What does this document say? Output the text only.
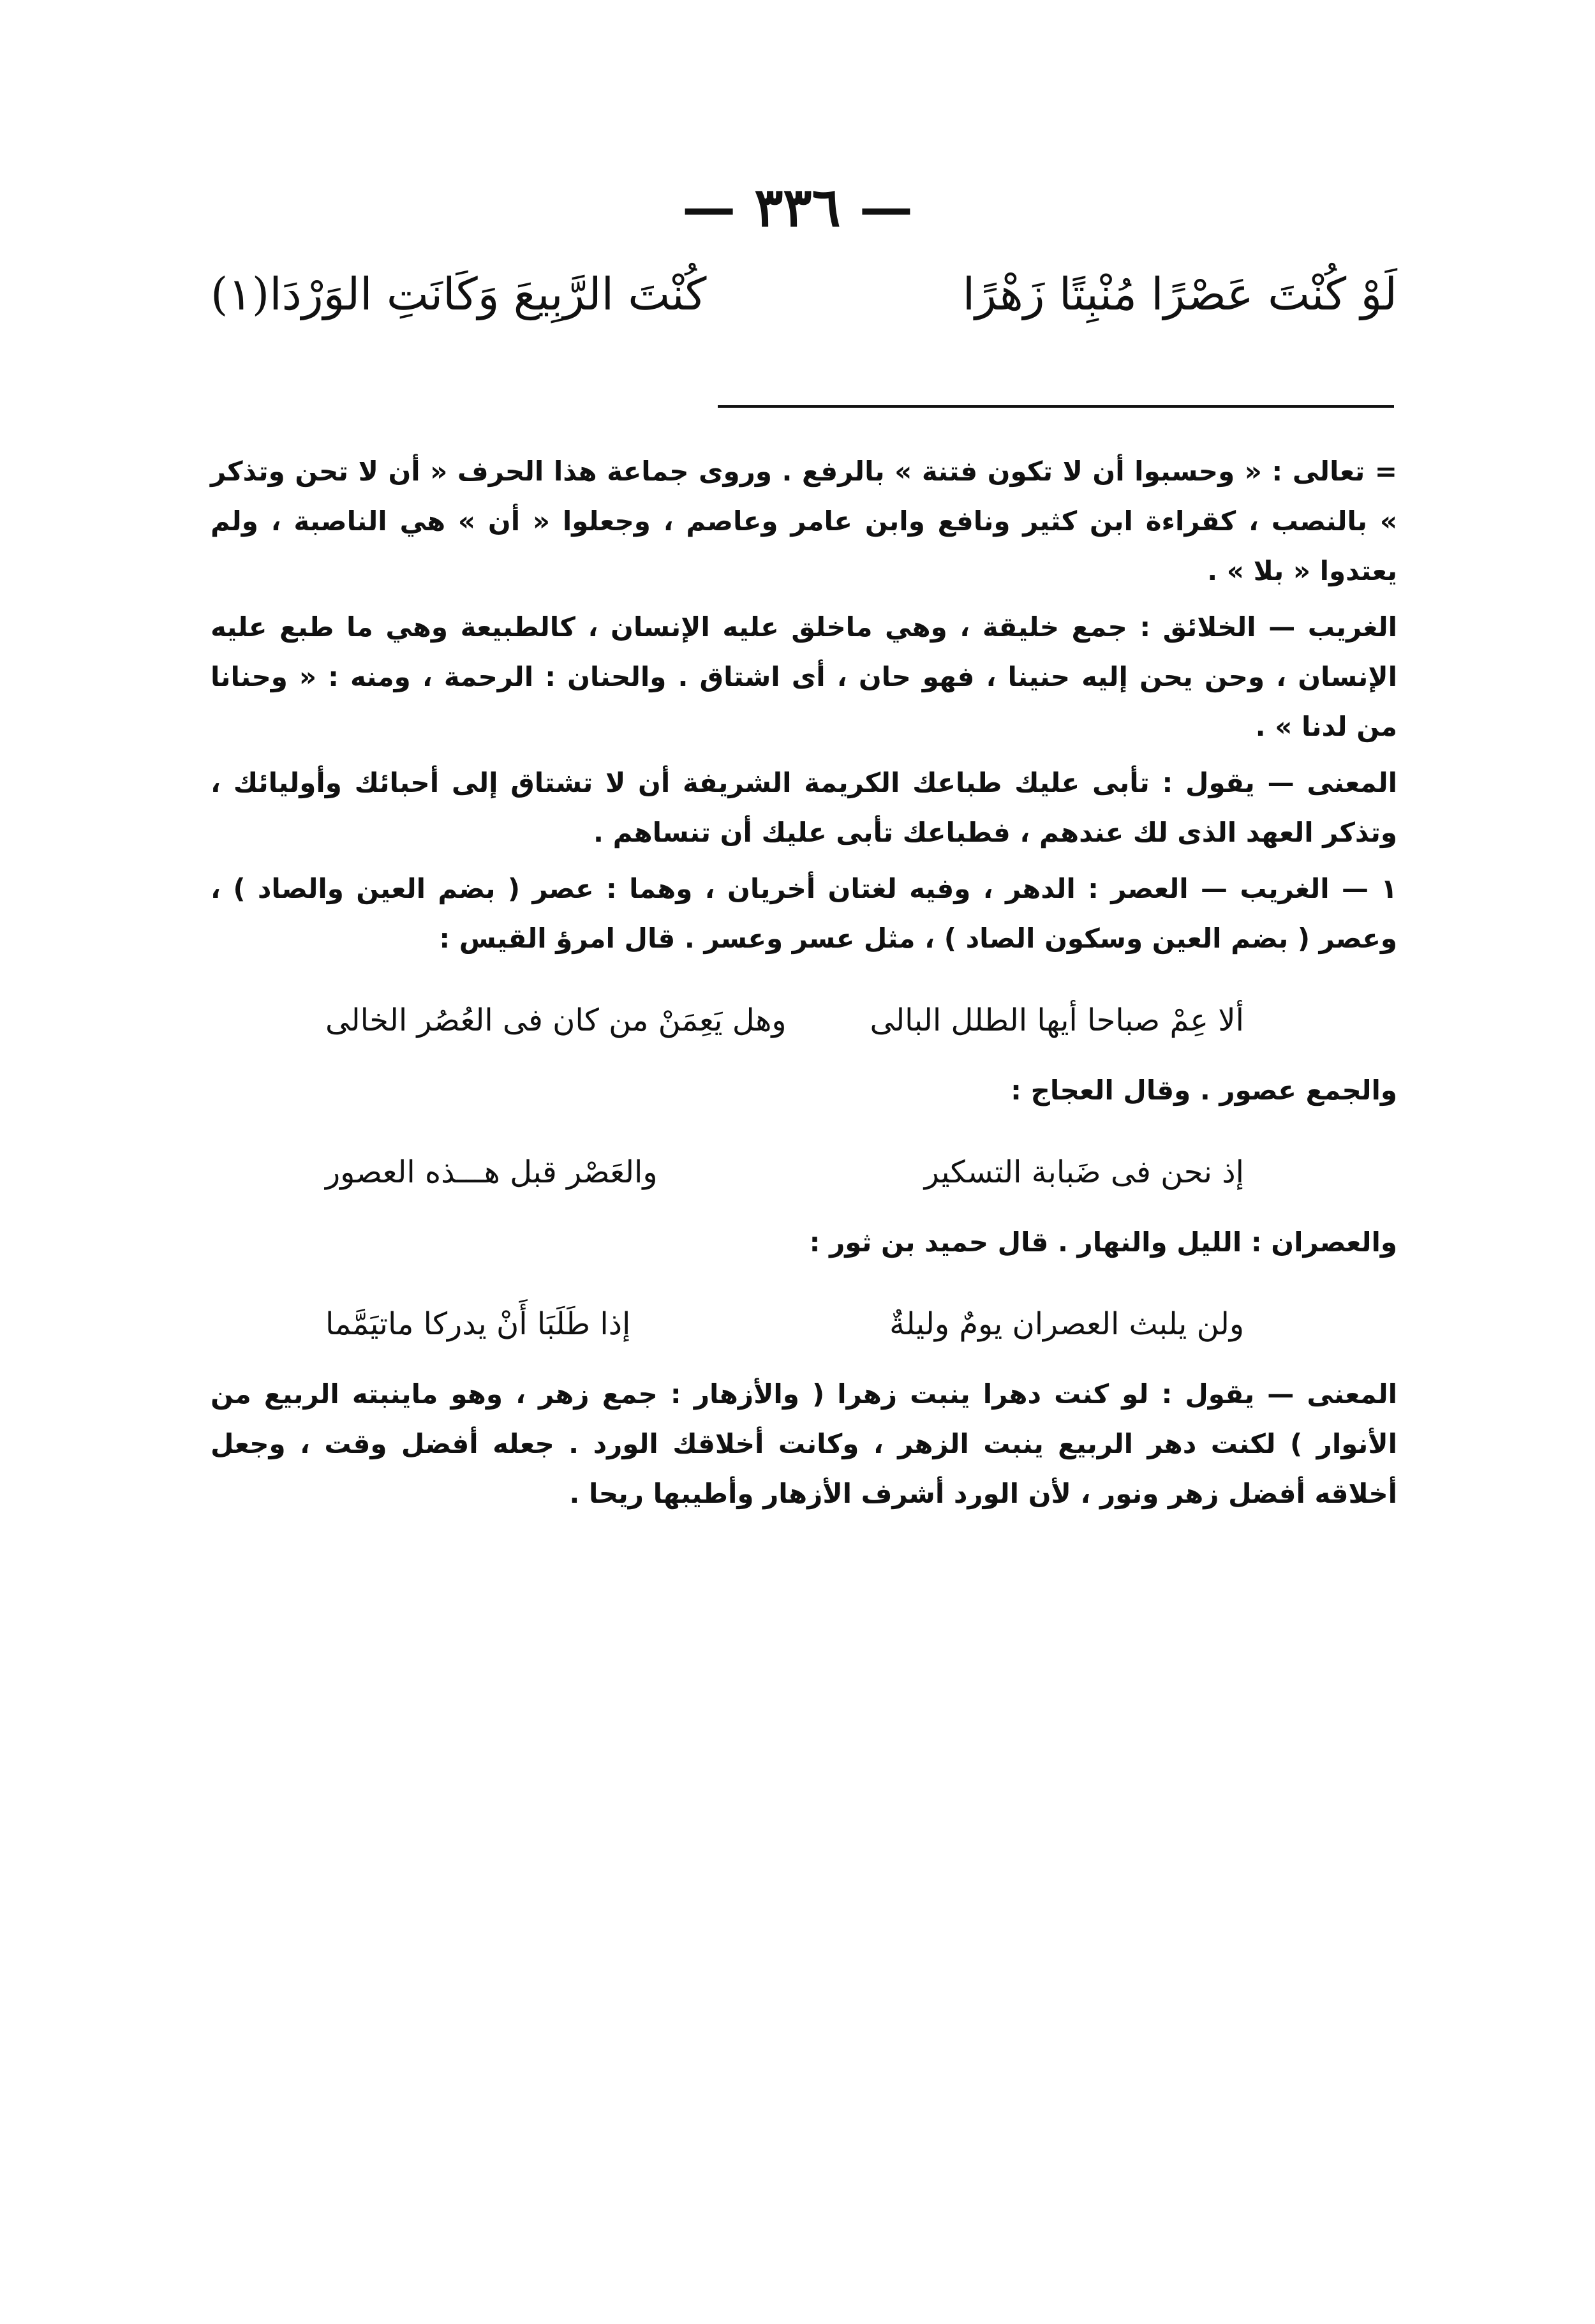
— ٣٣٦ —
لَوْ كُنْتَ عَصْرًا مُنْبِتًا زَهْرًا
كُنْتَ الرَّبِيعَ وَكَانَتِ الوَرْدَا(١)

= تعالى : « وحسبوا أن لا تكون فتنة » بالرفع . وروى جماعة هذا الحرف « أن لا تحن وتذكر » بالنصب ، كقراءة ابن كثير ونافع وابن عامر وعاصم ، وجعلوا « أن » هي الناصبة ، ولم يعتدوا « بلا » .

الغريب — الخلائق : جمع خليقة ، وهي ماخلق عليه الإنسان ، كالطبيعة وهي ما طبع عليه الإنسان ، وحن يحن إليه حنينا ، فهو حان ، أى اشتاق . والحنان : الرحمة ، ومنه : « وحنانا من لدنا » .

المعنى — يقول : تأبى عليك طباعك الكريمة الشريفة أن لا تشتاق إلى أحبائك وأوليائك ، وتذكر العهد الذى لك عندهم ، فطباعك تأبى عليك أن تنساهم .

١ — الغريب — العصر : الدهر ، وفيه لغتان أخريان ، وهما : عصر ( بضم العين والصاد ) ، وعصر ( بضم العين وسكون الصاد ) ، مثل عسر وعسر . قال امرؤ القيس :

ألا عِمْ صباحا أيها الطلل البالى
وهل يَعِمَنْ من كان فى العُصُر الخالى

والجمع عصور . وقال العجاج :

إذ نحن فى ضَبابة التسكير
والعَصْر قبل هـــذه العصور

والعصران : الليل والنهار . قال حميد بن ثور :

ولن يلبث العصران يومٌ وليلةٌ
إذا طَلَبَا أَنْ يدركا ماتيَمَّما

المعنى — يقول : لو كنت دهرا ينبت زهرا ( والأزهار : جمع زهر ، وهو ماينبته الربيع من الأنوار ) لكنت دهر الربيع ينبت الزهر ، وكانت أخلاقك الورد . جعله أفضل وقت ، وجعل أخلاقه أفضل زهر ونور ، لأن الورد أشرف الأزهار وأطيبها ريحا .
